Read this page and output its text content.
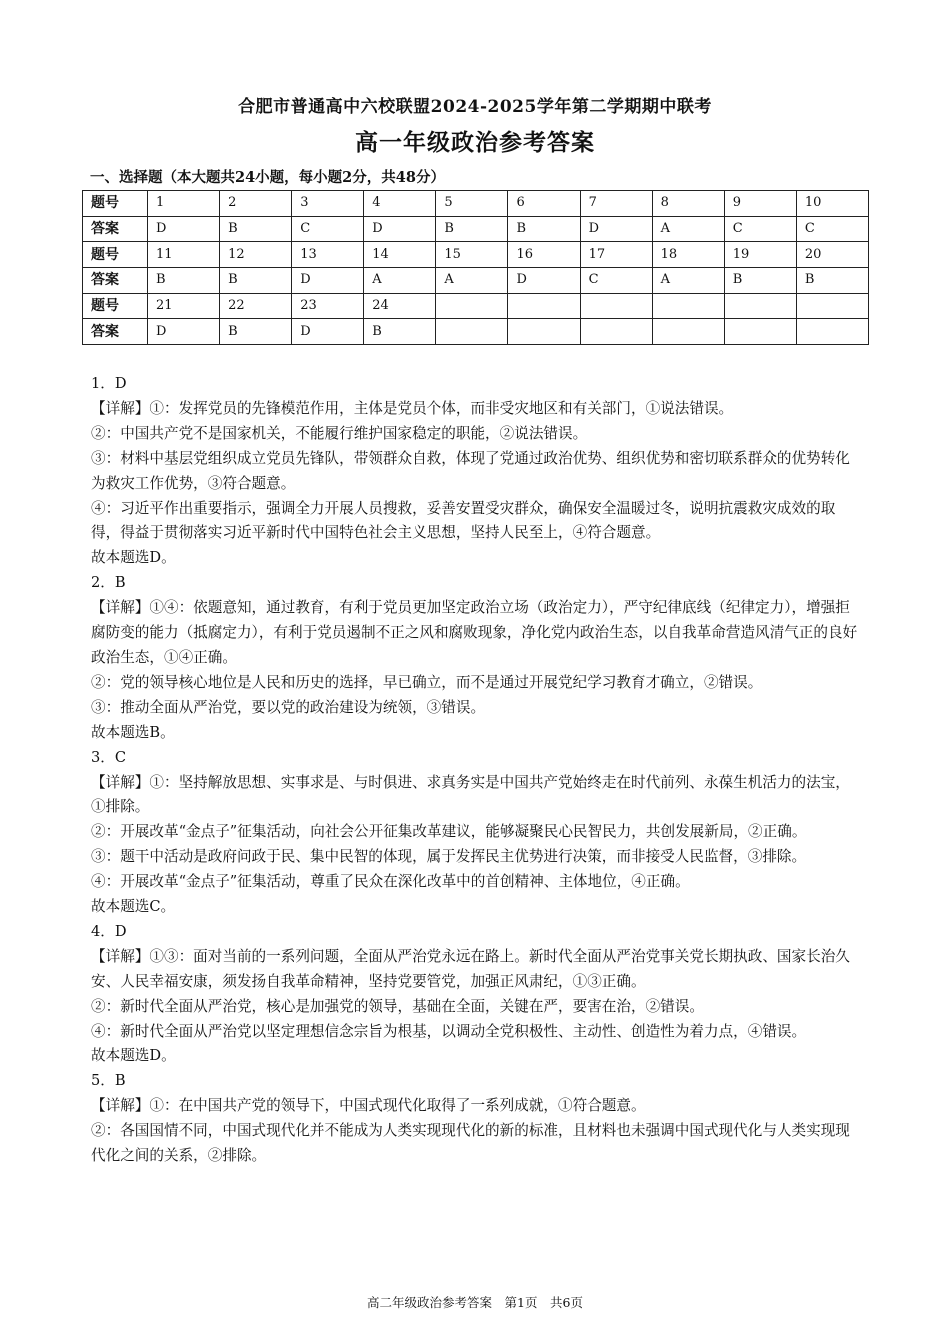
合肥市普通高中六校联盟2024-2025学年第二学期期中联考
高一年级政治参考答案
一、选择题（本大题共24小题，每小题2分，共48分）
题号	1	2	3	4	5	6	7	8	9	10
答案	D	B	C	D	B	B	D	A	C	C
题号	11	12	13	14	15	16	17	18	19	20
答案	B	B	D	A	A	D	C	A	B	B
题号	21	22	23	24						
答案	D	B	D	B						

1．D

【详解】①：发挥党员的先锋模范作用，主体是党员个体，而非受灾地区和有关部门，①说法错误。

②：中国共产党不是国家机关，不能履行维护国家稳定的职能，②说法错误。

③：材料中基层党组织成立党员先锋队，带领群众自救，体现了党通过政治优势、组织优势和密切联系群众的优势转化为救灾工作优势，③符合题意。

④：习近平作出重要指示，强调全力开展人员搜救，妥善安置受灾群众，确保安全温暖过冬，说明抗震救灾成效的取得，得益于贯彻落实习近平新时代中国特色社会主义思想，坚持人民至上，④符合题意。

故本题选D。

2．B

【详解】①④：依题意知，通过教育，有利于党员更加坚定政治立场（政治定力），严守纪律底线（纪律定力），增强拒腐防变的能力（抵腐定力），有利于党员遏制不正之风和腐败现象，净化党内政治生态，以自我革命营造风清气正的良好政治生态，①④正确。

②：党的领导核心地位是人民和历史的选择，早已确立，而不是通过开展党纪学习教育才确立，②错误。

③：推动全面从严治党，要以党的政治建设为统领，③错误。

故本题选B。

3．C

【详解】①：坚持解放思想、实事求是、与时俱进、求真务实是中国共产党始终走在时代前列、永葆生机活力的法宝，①排除。

②：开展改革“金点子”征集活动，向社会公开征集改革建议，能够凝聚民心民智民力，共创发展新局，②正确。

③：题干中活动是政府问政于民、集中民智的体现，属于发挥民主优势进行决策，而非接受人民监督，③排除。

④：开展改革“金点子”征集活动，尊重了民众在深化改革中的首创精神、主体地位，④正确。

故本题选C。

4．D

【详解】①③：面对当前的一系列问题，全面从严治党永远在路上。新时代全面从严治党事关党长期执政、国家长治久安、人民幸福安康，须发扬自我革命精神，坚持党要管党，加强正风肃纪，①③正确。

②：新时代全面从严治党，核心是加强党的领导，基础在全面，关键在严，要害在治，②错误。

④：新时代全面从严治党以坚定理想信念宗旨为根基，以调动全党积极性、主动性、创造性为着力点，④错误。

故本题选D。

5．B

【详解】①：在中国共产党的领导下，中国式现代化取得了一系列成就，①符合题意。

②：各国国情不同，中国式现代化并不能成为人类实现现代化的新的标准，且材料也未强调中国式现代化与人类实现现代化之间的关系，②排除。

高二年级政治参考答案　第1页　共6页
